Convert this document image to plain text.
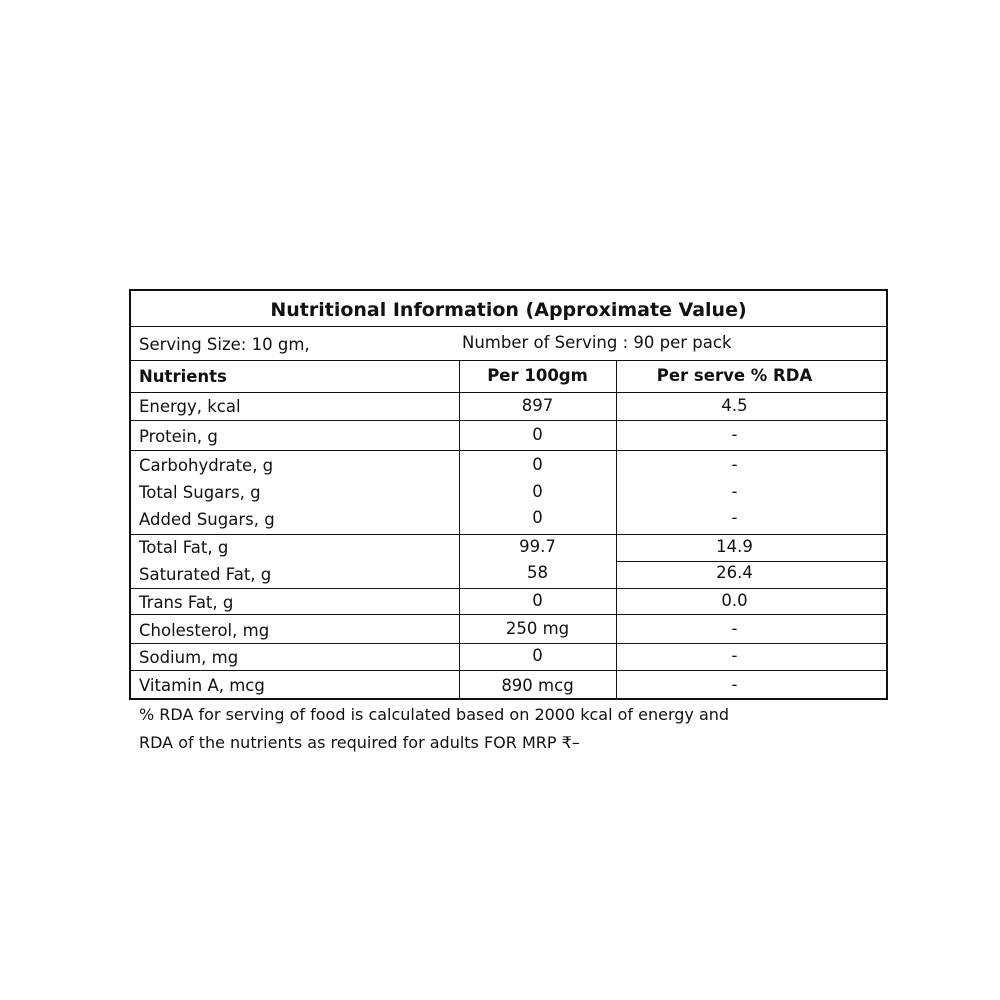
Nutritional Information (Approximate Value)
Serving Size: 10 gm,	Number of Serving : 90 per pack
Nutrients	Per 100gm	Per serve % RDA
Energy, kcal	897	4.5
Protein, g	0	-
Carbohydrate, g	0	-
Total Sugars, g	0	-
Added Sugars, g	0	-
Total Fat, g	99.7	14.9
Saturated Fat, g	58	26.4
Trans Fat, g	0	0.0
Cholesterol, mg	250 mg	-
Sodium, mg	0	-
Vitamin A, mcg	890 mcg	-
% RDA for serving of food is calculated based on 2000 kcal of energy and
RDA of the nutrients as required for adults FOR MRP ₹–
